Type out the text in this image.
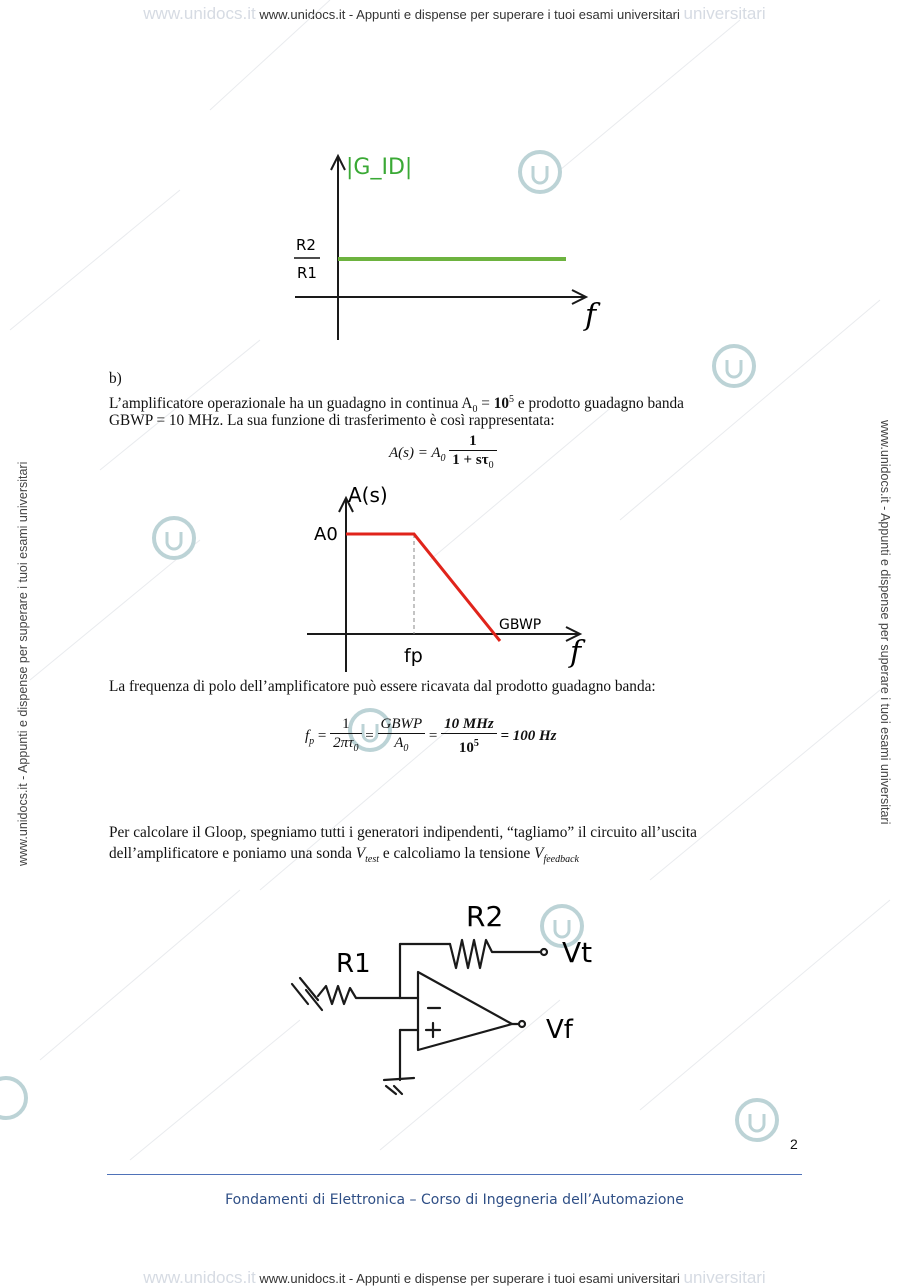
www.unidocs.it www.unidocs.it - Appunti e dispense per superare i tuoi esami universitari universitari
www.unidocs.it www.unidocs.it - Appunti e dispense per superare i tuoi esami universitari universitari
www.unidocs.it - Appunti e dispense per superare i tuoi esami universitari	www.unidocs.it - Appunti e dispense per superare i tuoi esami universitari
|G_ID|
R2
R1
f
b)
L’amplificatore operazionale ha un guadagno in continua $A_0 = 10^5$ e prodotto guadagno banda
GBWP = 10 MHz. La sua funzione di trasferimento è così rappresentata:
$A(s) = A_0 \frac{1}{1 + s\tau_0}$
A(s)
A0
fp
GBWP
f
La frequenza di polo dell’amplificatore può essere ricavata dal prodotto guadagno banda:
$f_p = \frac{1}{2\pi\tau_0} = \frac{\text{GBWP}}{A_0} = \frac{\text{10 MHz}}{10^5} = 100$ Hz
Per calcolare il Gloop, spegniamo tutti i generatori indipendenti, “tagliamo” il circuito all’uscita
dell’amplificatore e poniamo una sonda $V_{test}$ e calcoliamo la tensione $V_{feedback}$
R1
R2
Vt
Vf
2
Fondamenti di Elettronica – Corso di Ingegneria dell’Automazione
